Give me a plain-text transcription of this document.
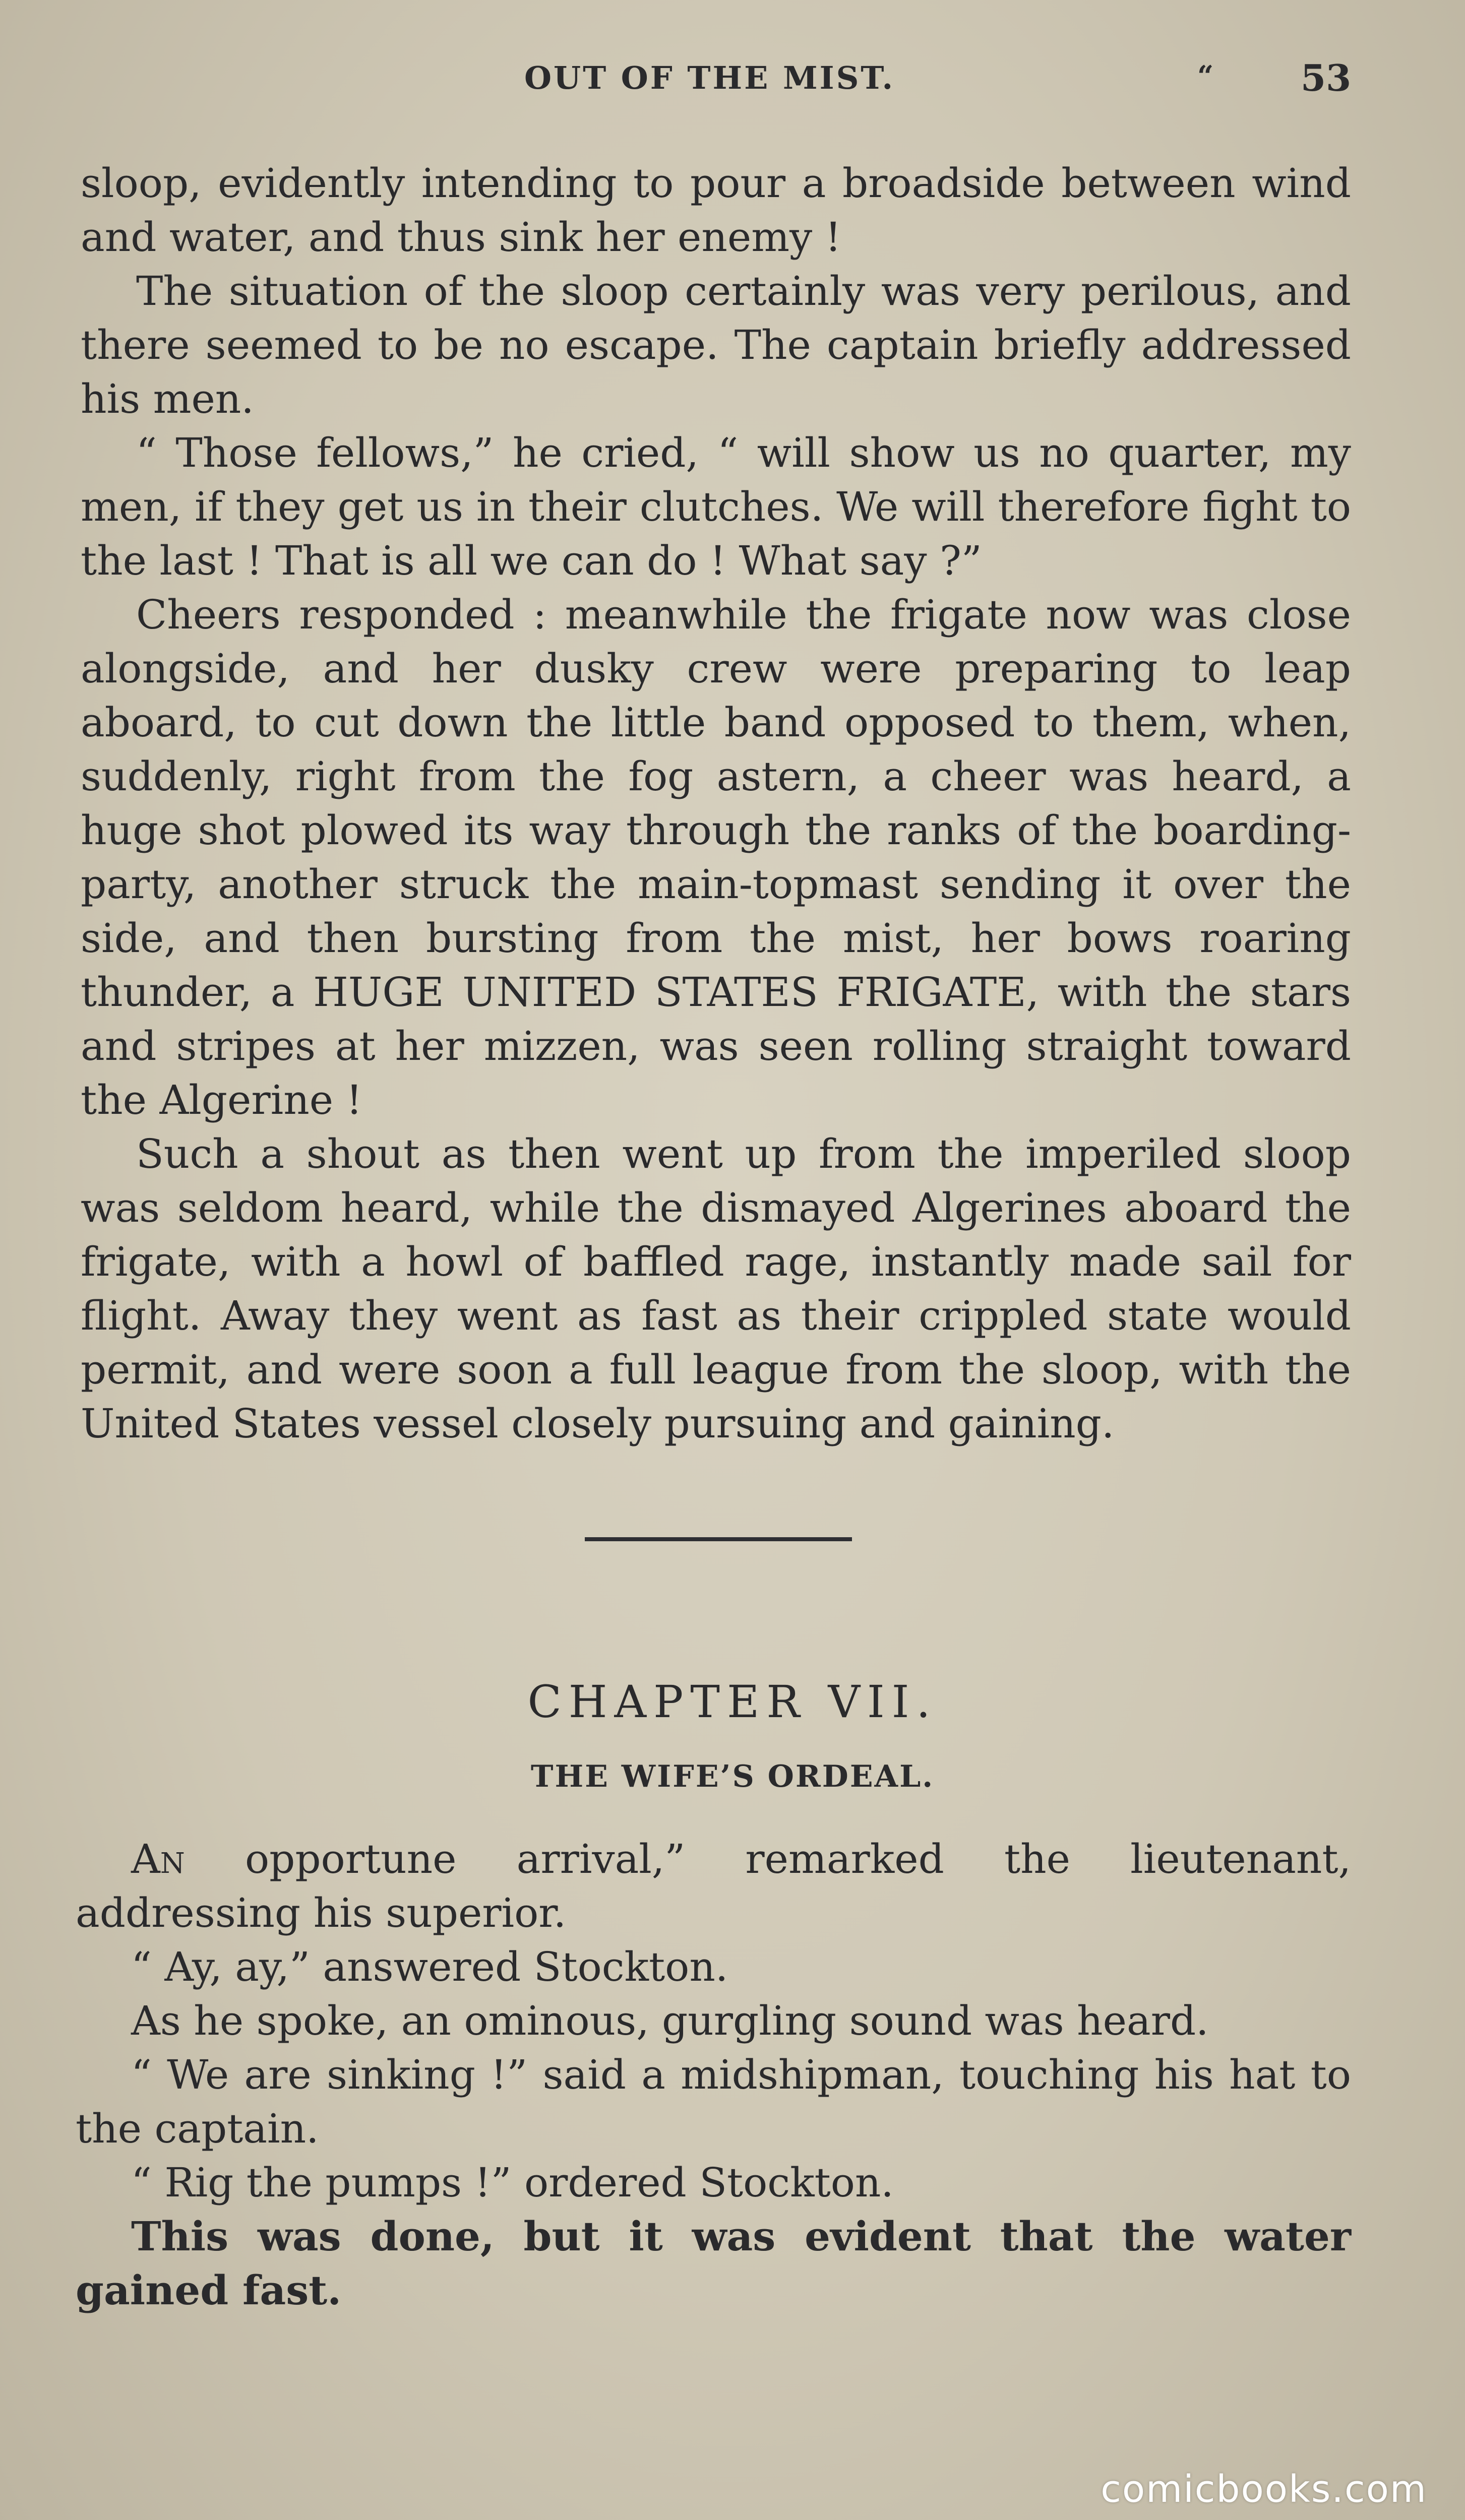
OUT OF THE MIST.	“ 53

sloop, evidently intending to pour a broadside between wind and water, and thus sink her enemy !

The situation of the sloop certainly was very perilous, and there seemed to be no escape. The captain briefly addressed his men.

“ Those fellows,” he cried, “ will show us no quarter, my men, if they get us in their clutches. We will therefore fight to the last ! That is all we can do ! What say ?”

Cheers responded : meanwhile the frigate now was close alongside, and her dusky crew were preparing to leap aboard, to cut down the little band opposed to them, when, suddenly, right from the fog astern, a cheer was heard, a huge shot plowed its way through the ranks of the boarding-party, another struck the main-topmast sending it over the side, and then bursting from the mist, her bows roaring thunder, a HUGE UNITED STATES FRIGATE, with the stars and stripes at her mizzen, was seen rolling straight toward the Algerine !

Such a shout as then went up from the imperiled sloop was seldom heard, while the dismayed Algerines aboard the frigate, with a howl of baffled rage, instantly made sail for flight. Away they went as fast as their crippled state would permit, and were soon a full league from the sloop, with the United States vessel closely pursuing and gaining.

CHAPTER VII.
THE WIFE’S ORDEAL.

An opportune arrival,” remarked the lieutenant, addressing his superior.

“ Ay, ay,” answered Stockton.

As he spoke, an ominous, gurgling sound was heard.

“ We are sinking !” said a midshipman, touching his hat to the captain.

“ Rig the pumps !” ordered Stockton.

This was done, but it was evident that the water gained fast.

comicbooks.com
